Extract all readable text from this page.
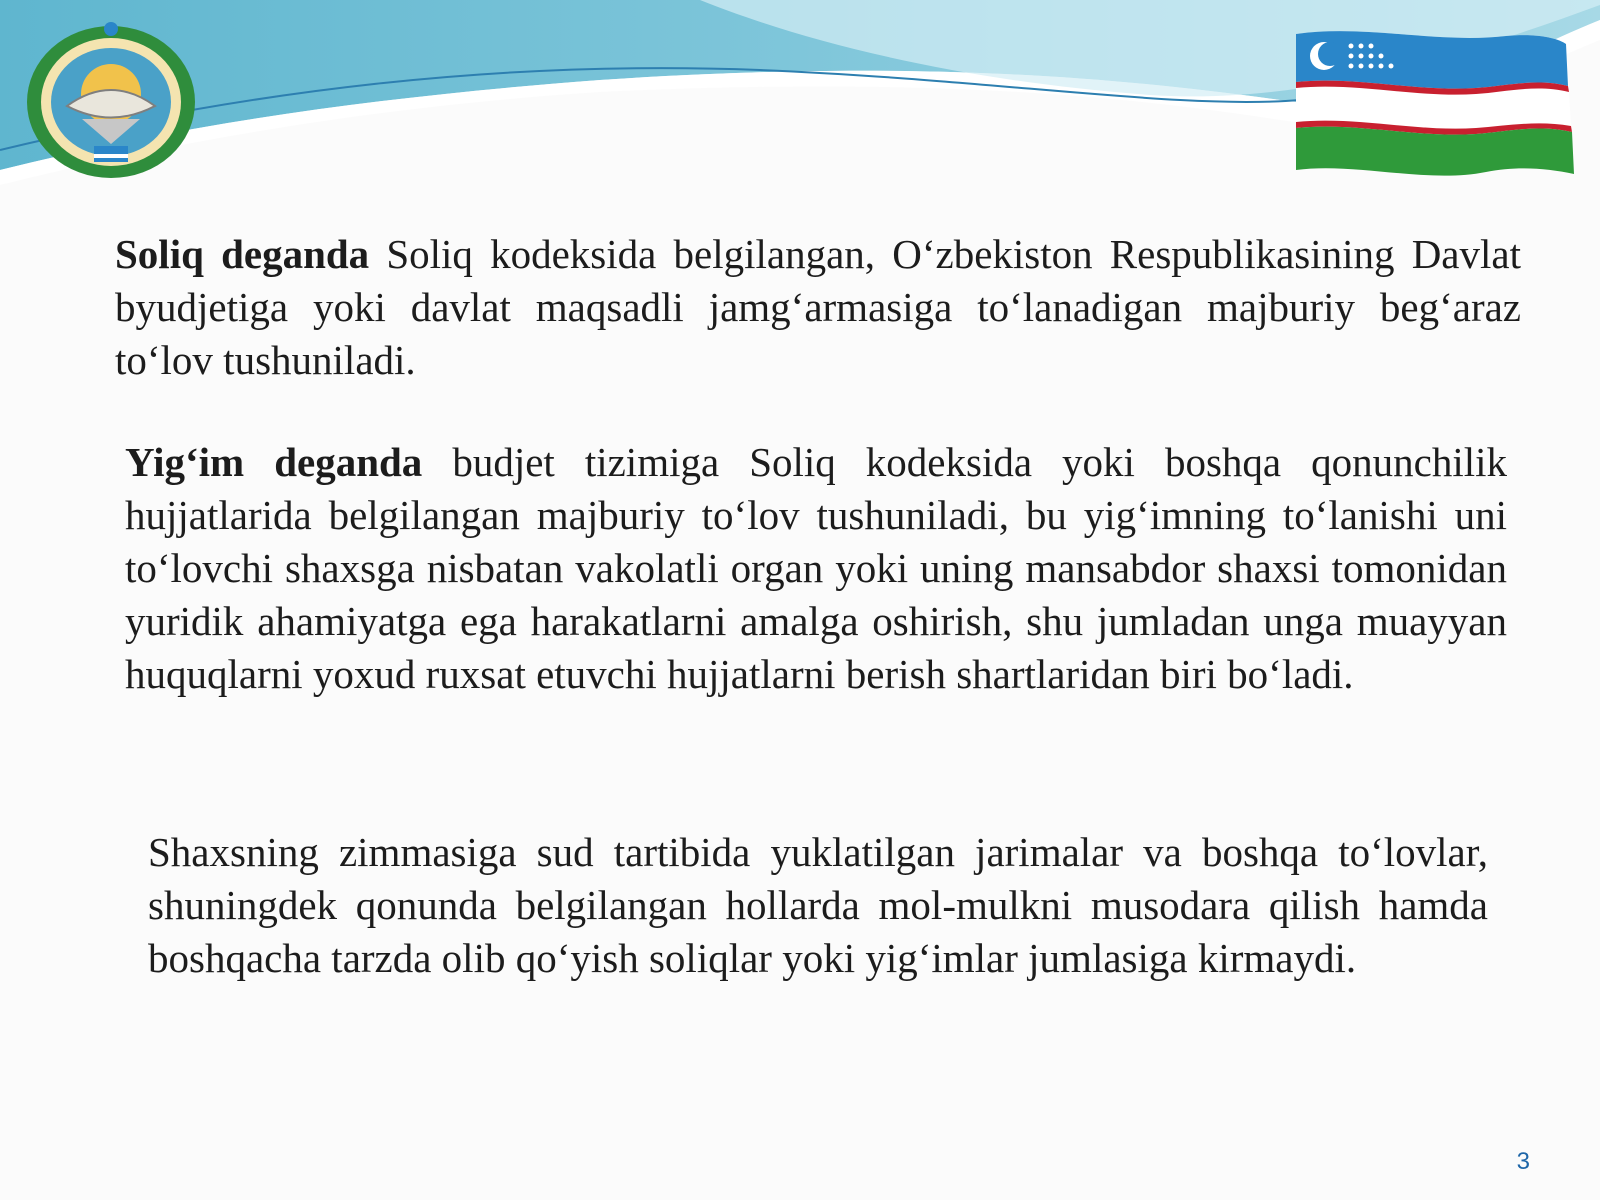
Soliq deganda Soliq kodeksida belgilangan, O‘zbekiston Respublikasining Davlat byudjetiga yoki davlat maqsadli jamg‘armasiga to‘lanadigan majburiy beg‘araz to‘lov tushuniladi.

Yig‘im deganda budjet tizimiga Soliq kodeksida yoki boshqa qonunchilik hujjatlarida belgilangan majburiy to‘lov tushuniladi, bu yig‘imning to‘lanishi uni to‘lovchi shaxsga nisbatan vakolatli organ yoki uning mansabdor shaxsi tomonidan yuridik ahamiyatga ega harakatlarni amalga oshirish, shu jumladan unga muayyan huquqlarni yoxud ruxsat etuvchi hujjatlarni berish shartlaridan biri bo‘ladi.

Shaxsning zimmasiga sud tartibida yuklatilgan jarimalar va boshqa to‘lovlar, shuningdek qonunda belgilangan hollarda mol-mulkni musodara qilish hamda boshqacha tarzda olib qo‘yish soliqlar yoki yig‘imlar jumlasiga kirmaydi.

3
